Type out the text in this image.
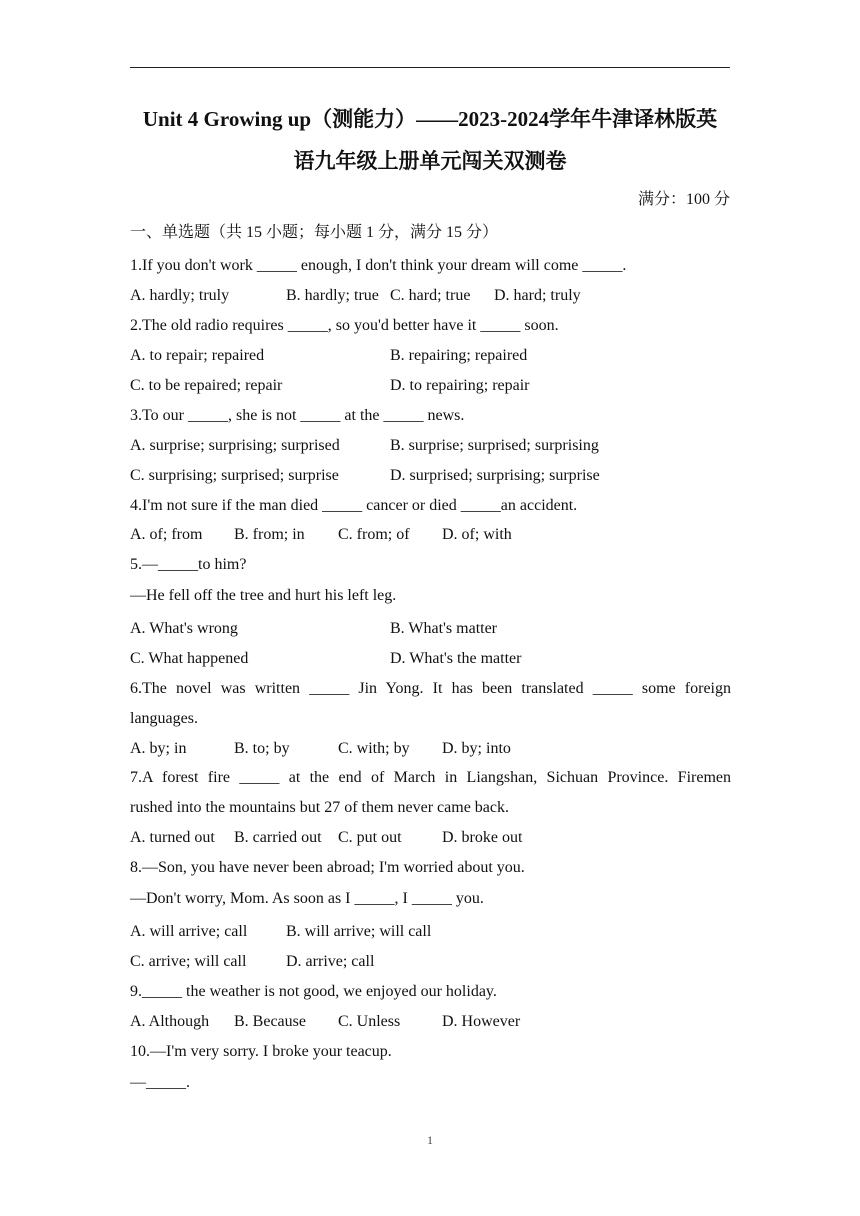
Unit 4 Growing up（测能力）——2023-2024学年牛津译林版英
语九年级上册单元闯关双测卷
满分：100 分
一、单选题（共 15 小题；每小题 1 分，满分 15 分）
1.If you don't work _____ enough, I don't think your dream will come _____.
A. hardly; truly	B. hardly; true C. hard; true D. hard; truly
2.The old radio requires _____, so you'd better have it _____ soon.
A. to repair; repaired	B. repairing; repaired
C. to be repaired; repair	D. to repairing; repair
3.To our _____, she is not _____ at the _____ news.
A. surprise; surprising; surprised	B. surprise; surprised; surprising
C. surprising; surprised; surprise	D. surprised; surprising; surprise
4.I'm not sure if the man died _____ cancer or died _____an accident.
A. of; from B. from; in C. from; of D. of; with
5.—_____to him?
—He fell off the tree and hurt his left leg.
A. What's wrong	B. What's matter
C. What happened	D. What's the matter
6.The novel was written _____ Jin Yong. It has been translated _____ some foreign
languages.
A. by; in	B. to; by	C. with; by D. by; into
7.A forest fire _____ at the end of March in Liangshan, Sichuan Province. Firemen
rushed into the mountains but 27 of them never came back.
A. turned out B. carried out C. put out	D. broke out
8.—Son, you have never been abroad; I'm worried about you.
—Don't worry, Mom. As soon as I _____, I _____ you.
A. will arrive; call B. will arrive; will call
C. arrive; will call D. arrive; call
9._____ the weather is not good, we enjoyed our holiday.
A. Although B. Because C. Unless	D. However
10.—I'm very sorry. I broke your teacup.
—_____.
1
